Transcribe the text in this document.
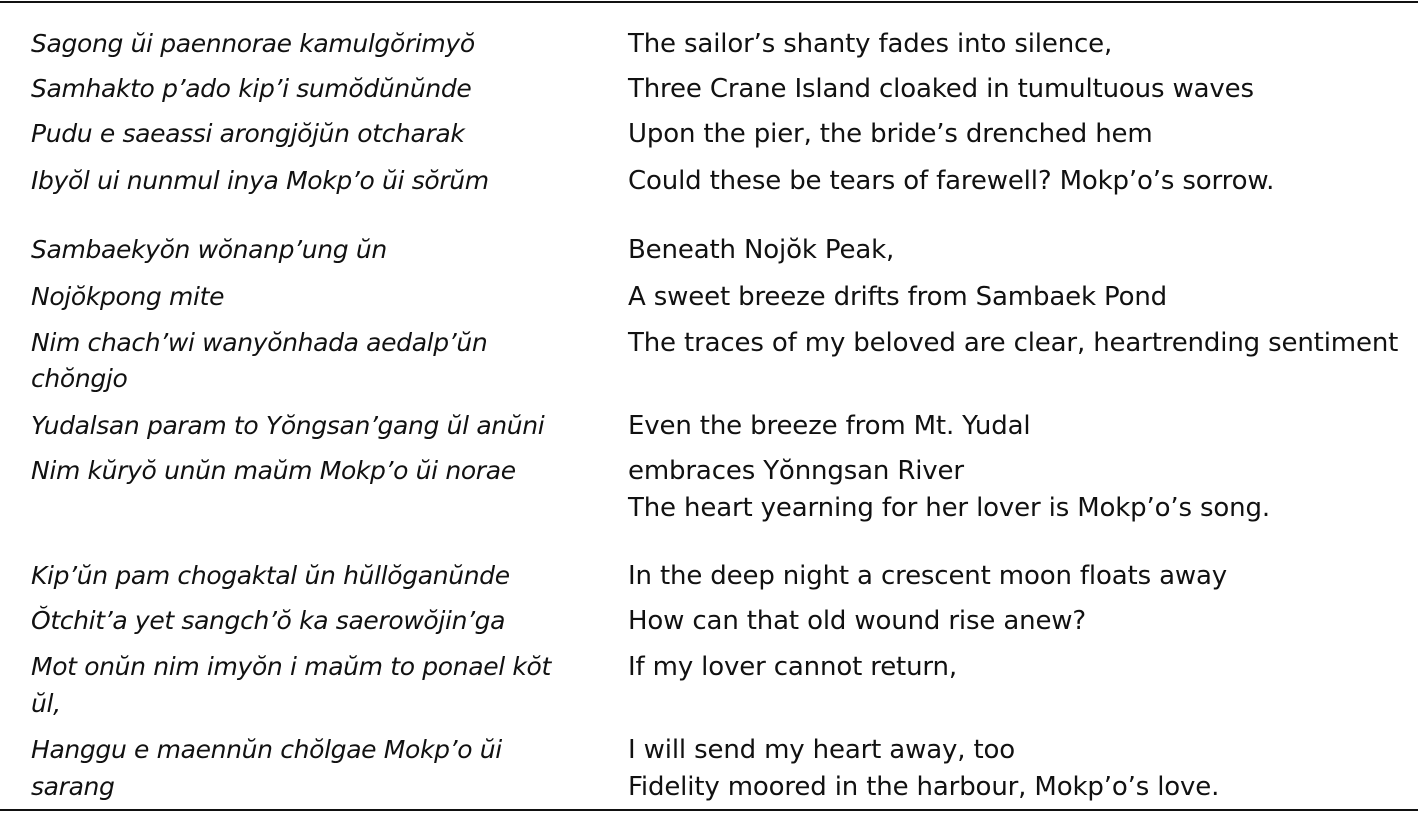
Sagong ŭi paennorae kamulgŏrimyŏ
Samhakto p’ado kip’i sumŏdŭnŭnde
Pudu e saeassi arongjŏjŭn otcharak
Ibyŏl ui nunmul inya Mokp’o ŭi sŏrŭm
Sambaekyŏn wŏnanp’ung ŭn
Nojŏkpong mite
Nim chach’wi wanyŏnhada aedalp’ŭn
chŏngjo
Yudalsan param to Yŏngsan’gang ŭl anŭni
Nim kŭryŏ unŭn maŭm Mokp’o ŭi norae
Kip’ŭn pam chogaktal ŭn hŭllŏganŭnde
Ŏtchit’a yet sangch’ŏ ka saerowŏjin’ga
Mot onŭn nim imyŏn i maŭm to ponael kŏt
ŭl,
Hanggu e maennŭn chŏlgae Mokp’o ŭi
sarang
The sailor’s shanty fades into silence,
Three Crane Island cloaked in tumultuous waves
Upon the pier, the bride’s drenched hem
Could these be tears of farewell? Mokp’o’s sorrow.
Beneath Nojŏk Peak,
A sweet breeze drifts from Sambaek Pond
The traces of my beloved are clear, heartrending sentiment
Even the breeze from Mt. Yudal
embraces Yŏnngsan River
The heart yearning for her lover is Mokp’o’s song.
In the deep night a crescent moon floats away
How can that old wound rise anew?
If my lover cannot return,
I will send my heart away, too
Fidelity moored in the harbour, Mokp’o’s love.
